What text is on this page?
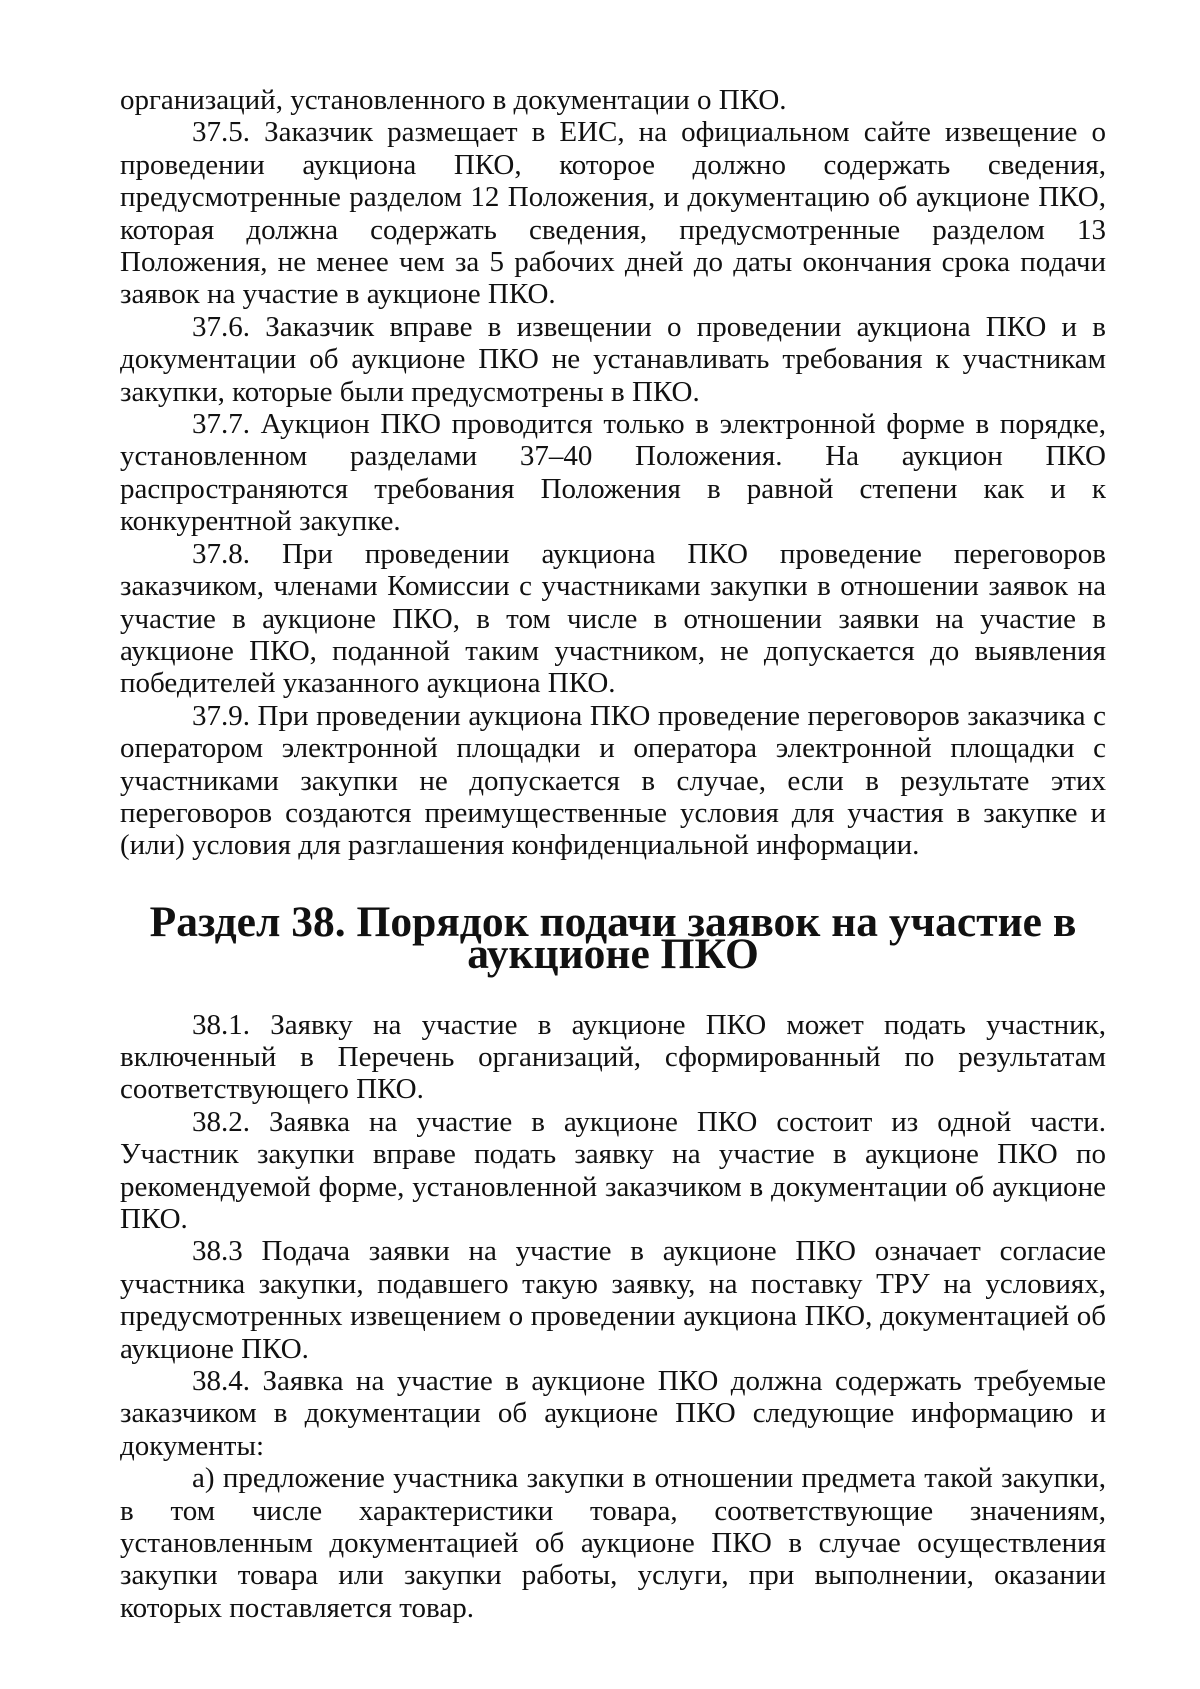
организаций, установленного в документации о ПКО.

37.5. Заказчик размещает в ЕИС, на официальном сайте извещение о проведении аукциона ПКО, которое должно содержать сведения, предусмотренные разделом 12 Положения, и документацию об аукционе ПКО, которая должна содержать сведения, предусмотренные разделом 13 Положения, не менее чем за 5 рабочих дней до даты окончания срока подачи заявок на участие в аукционе ПКО.

37.6. Заказчик вправе в извещении о проведении аукциона ПКО и в документации об аукционе ПКО не устанавливать требования к участникам закупки, которые были предусмотрены в ПКО.

37.7. Аукцион ПКО проводится только в электронной форме в порядке, установленном разделами 37–40 Положения. На аукцион ПКО распространяются требования Положения в равной степени как и к конкурентной закупке.

37.8. При проведении аукциона ПКО проведение переговоров заказчиком, членами Комиссии с участниками закупки в отношении заявок на участие в аукционе ПКО, в том числе в отношении заявки на участие в аукционе ПКО, поданной таким участником, не допускается до выявления победителей указанного аукциона ПКО.

37.9. При проведении аукциона ПКО проведение переговоров заказчика с оператором электронной площадки и оператора электронной площадки с участниками закупки не допускается в случае, если в результате этих переговоров создаются преимущественные условия для участия в закупке и (или) условия для разглашения конфиденциальной информации.

Раздел 38. Порядок подачи заявок на участие в аукционе ПКО

38.1. Заявку на участие в аукционе ПКО может подать участник, включенный в Перечень организаций, сформированный по результатам соответствующего ПКО.

38.2. Заявка на участие в аукционе ПКО состоит из одной части. Участник закупки вправе подать заявку на участие в аукционе ПКО по рекомендуемой форме, установленной заказчиком в документации об аукционе ПКО.

38.3 Подача заявки на участие в аукционе ПКО означает согласие участника закупки, подавшего такую заявку, на поставку ТРУ на условиях, предусмотренных извещением о проведении аукциона ПКО, документацией об аукционе ПКО.

38.4. Заявка на участие в аукционе ПКО должна содержать требуемые заказчиком в документации об аукционе ПКО следующие информацию и документы:

а) предложение участника закупки в отношении предмета такой закупки, в том числе характеристики товара, соответствующие значениям, установленным документацией об аукционе ПКО в случае осуществления закупки товара или закупки работы, услуги, при выполнении, оказании которых поставляется товар.
